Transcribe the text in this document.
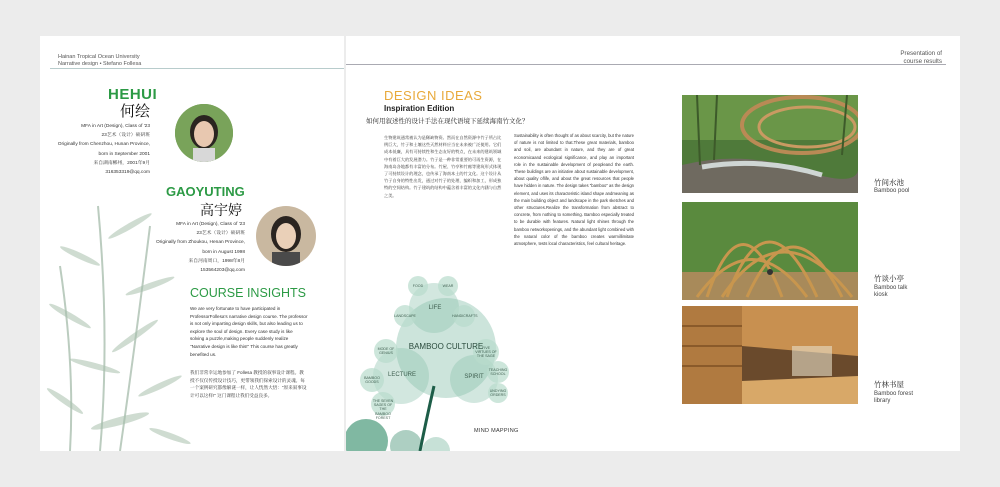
Hainan Tropical Ocean University
Narrative design • Stefano Follesa
HEHUI
何绘
MFA in Art (Design), Class of '23
23艺术（设计）硕研班
Originally from Chenzhou, Hunan Province,
born in September 2001
来自湖南郴州，2001年9月
316353319@qq.com
GAOYUTING
高宇婷
MFA in Art (Design), Class of '23
23艺术（设计）硕研班
Originally from Zhoukou, Henan Province,
born in August 1998
来自河南周口，1998年8月
153564203@qq.com
COURSE INSIGHTS
We are very fortunate to have participated in ProfessorFollesa's narrative design course. The professor is not only imparting design skills, but also leading us to explore the soul of design. Every case study is like solving a puzzle,making people suddenly realize "Narrative design is like this!" This course has greatly benefited us.
我们非常幸运地参加了 Follesa 教授的叙事设计课程。教授不仅仅传授设计技巧，更带领我们探索设计的灵魂。每一个案例研究都像解谜一样，让人恍然大悟："原来叙事设计可以这样!" 这门课程让我们受益良多。
Presentation of
course results
DESIGN IDEAS
Inspiration Edition
如何用叙述性的设计手法在现代语境下延续海南竹文化？
生物建筑通常被认为是稀缺物资。然而在自然资源中竹子所占比例巨大，竹子和土壤这些天然材料应当在未来被广泛使用。它们成本低廉，具有可持续性和生态友好的特点，在未来的建筑领域中有着巨大的发展潜力。竹子是一种非常重要的可再生资源，在海南岛各地都有丰富的分布。竹屋、竹亭和竹廊等建筑形式体现了可持续设计的理念，也传承了海南本土的竹文化。这个设计从竹子自身的特性出发，通过对竹子的处理、编织和加工，形成独特的空间结构。竹子建筑的结构中蕴含着丰富的文化内涵与自然之美。
Sustainability is often thought of as about scarcity, but the nature of nature is not limited to that.These great materials, bamboo and soil, are abundant in nature, and they are of great economicaand ecological significance, and play an important role in the sustainable development of peopleand the earth. These buildings are an initiative about sustainable development, about quality oflife, and about the great resources that people have hidden in nature. The design takes "bamboo" as the design element, and uses its characteristic island shape andmeaning as the main building object and landscape in the park sketches and other structures.Realize the transformation from abstract to concrete, from nothing to something. Bamboo especially treated to be durable with features. Natural light shines through the bamboo networkopenings, and the abundant light combined with the natural color of the bamboo creates warmillimitate atmosphere, tests local characteristics, feel cultural heritage.
LIFE
BAMBOO CULTURE
LECTURE	SPIRIT
FOOD	WEAR
LANDSCAPE	HANDICRAFTS
MODE OF GENIUS
FIVE VIRTUES OF THE SAGE
TEACHING SCHOOL
UNDYING ORDERS
BAMBOO GOODS
THE SEVEN SAGES OF THE BAMBOO FOREST
MIND MAPPING
竹间水池
Bamboo pool
竹谈小亭
Bamboo talk kiosk
竹林书屋
Bamboo forest library
